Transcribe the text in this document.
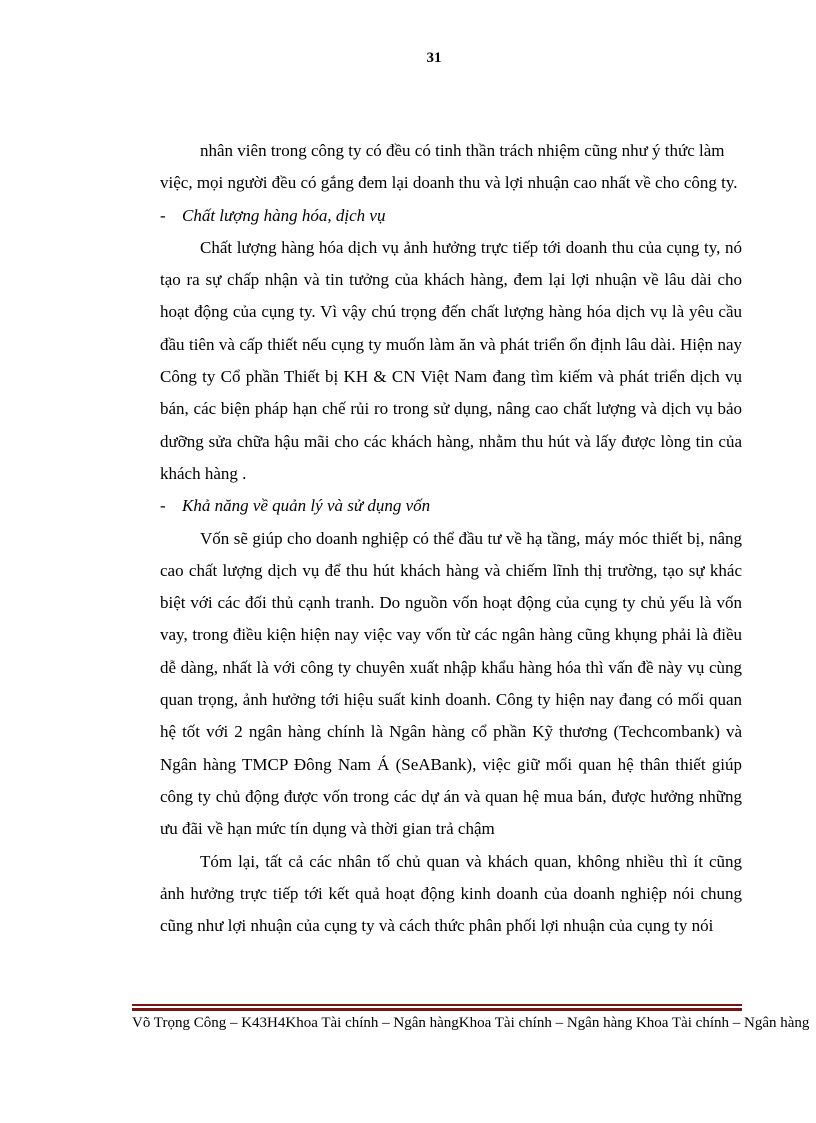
31

nhân viên trong công ty có đều có tinh thần trách nhiệm cũng như ý thức làm việc, mọi người đều có gắng đem lại doanh thu và lợi nhuận cao nhất về cho công ty.

- Chất lượng hàng hóa, dịch vụ

Chất lượng hàng hóa dịch vụ ảnh hưởng trực tiếp tới doanh thu của cụng ty, nó tạo ra sự chấp nhận và tin tưởng của khách hàng, đem lại lợi nhuận về lâu dài cho hoạt động của cụng ty. Vì vậy chú trọng đến chất lượng hàng hóa dịch vụ là yêu cầu đầu tiên và cấp thiết nếu cụng ty muốn làm ăn và phát triển ổn định lâu dài. Hiện nay Công ty Cổ phần Thiết bị KH & CN Việt Nam đang tìm kiếm và phát triển dịch vụ bán, các biện pháp hạn chế rủi ro trong sử dụng, nâng cao chất lượng và dịch vụ bảo dưỡng sửa chữa hậu mãi cho các khách hàng, nhằm thu hút và lấy được lòng tin của khách hàng .

- Khả năng về quản lý và sử dụng vốn

Vốn sẽ giúp cho doanh nghiệp có thể đầu tư về hạ tầng, máy móc thiết bị, nâng cao chất lượng dịch vụ để thu hút khách hàng và chiếm lĩnh thị trường, tạo sự khác biệt với các đối thủ cạnh tranh. Do nguồn vốn hoạt động của cụng ty chủ yếu là vốn vay, trong điều kiện hiện nay việc vay vốn từ các ngân hàng cũng khụng phải là điều dễ dàng, nhất là với công ty chuyên xuất nhập khẩu hàng hóa thì vấn đề này vụ cùng quan trọng, ảnh hưởng tới hiệu suất kinh doanh. Công ty hiện nay đang có mối quan hệ tốt với 2 ngân hàng chính là Ngân hàng cổ phần Kỹ thương (Techcombank) và Ngân hàng TMCP Đông Nam Á (SeABank), việc giữ mối quan hệ thân thiết giúp công ty chủ động được vốn trong các dự án và quan hệ mua bán, được hưởng những ưu đãi về hạn mức tín dụng và thời gian trả chậm

Tóm lại, tất cả các nhân tố chủ quan và khách quan, không nhiều thì ít cũng ảnh hưởng trực tiếp tới kết quả hoạt động kinh doanh của doanh nghiệp nói chung cũng như lợi nhuận của cụng ty và cách thức phân phối lợi nhuận của cụng ty nói

Võ Trọng Công – K43H4Khoa Tài chính – Ngân hàngKhoa Tài chính – Ngân hàng Khoa Tài chính – Ngân hàng
